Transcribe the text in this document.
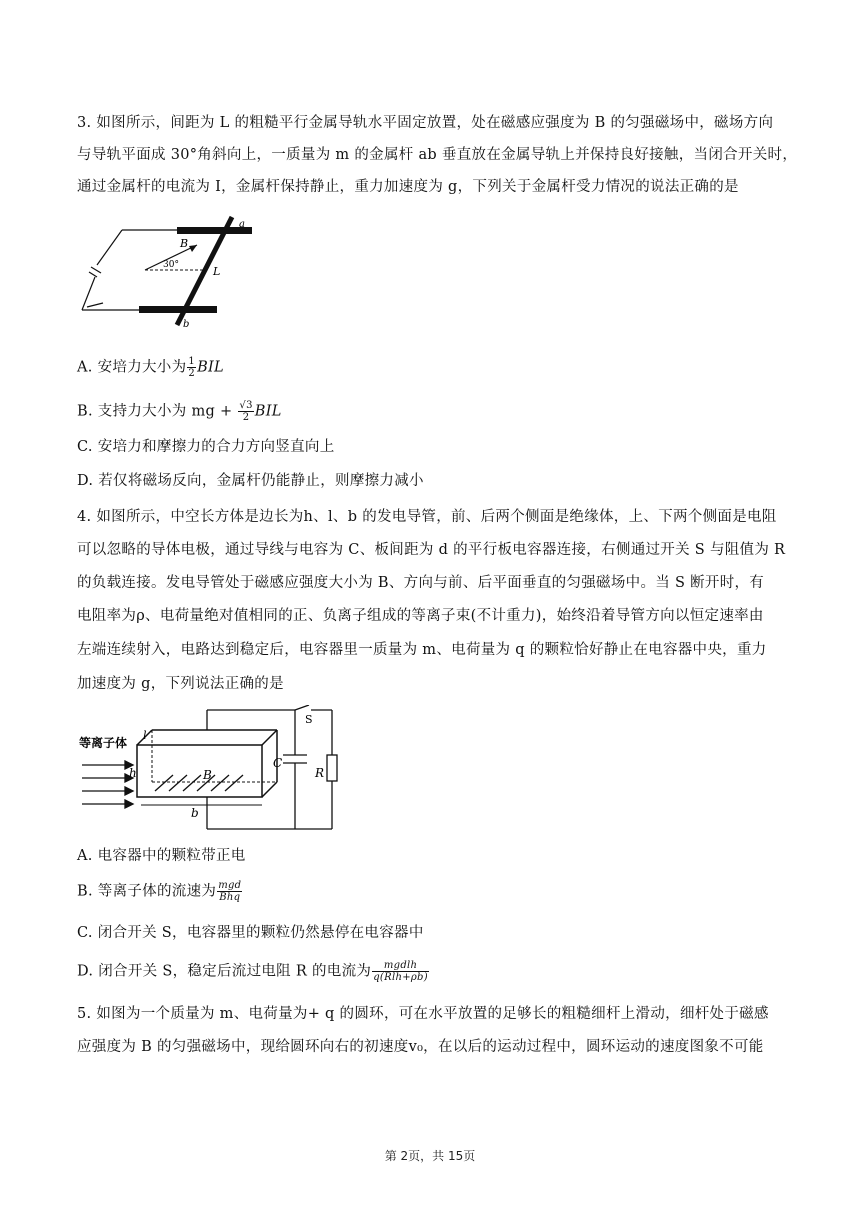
3. 如图所示，间距为 L 的粗糙平行金属导轨水平固定放置，处在磁感应强度为 B 的匀强磁场中，磁场方向
与导轨平面成 30°角斜向上，一质量为 m 的金属杆 ab 垂直放在金属导轨上并保持良好接触，当闭合开关时，
通过金属杆的电流为 I，金属杆保持静止，重力加速度为 g，下列关于金属杆受力情况的说法正确的是
B
30°	L
a
b
A. 安培力大小为 $\frac{1}{2}$ BIL
B. 支持力大小为 mg + $\frac{√3}{2}$ BIL
C. 安培力和摩擦力的合力方向竖直向上
D. 若仅将磁场反向，金属杆仍能静止，则摩擦力减小
4. 如图所示，中空长方体是边长为h、l、b 的发电导管，前、后两个侧面是绝缘体，上、下两个侧面是电阻
可以忽略的导体电极，通过导线与电容为 C、板间距为 d 的平行板电容器连接，右侧通过开关 S 与阻值为 R
的负载连接。发电导管处于磁感应强度大小为 B、方向与前、后平面垂直的匀强磁场中。当 S 断开时，有
电阻率为ρ、电荷量绝对值相同的正、负离子组成的等离子束(不计重力)，始终沿着导管方向以恒定速率由
左端连续射入，电路达到稳定后，电容器里一质量为 m、电荷量为 q 的颗粒恰好静止在电容器中央，重力
加速度为 g，下列说法正确的是
等离子体
B
h
l
b
S
C
R
A. 电容器中的颗粒带正电
B. 等离子体的流速为 $\frac{\text{mgd}}{\text{Bhq}}$
C. 闭合开关 S，电容器里的颗粒仍然悬停在电容器中
D. 闭合开关 S，稳定后流过电阻 R 的电流为 $\frac{\text{mgdlh}}{\text{q(Rlh+ρb)}}$
5. 如图为一个质量为 m、电荷量为+ q 的圆环，可在水平放置的足够长的粗糙细杆上滑动，细杆处于磁感
应强度为 B 的匀强磁场中，现给圆环向右的初速度v₀，在以后的运动过程中，圆环运动的速度图象不可能
第 2页，共 15页
